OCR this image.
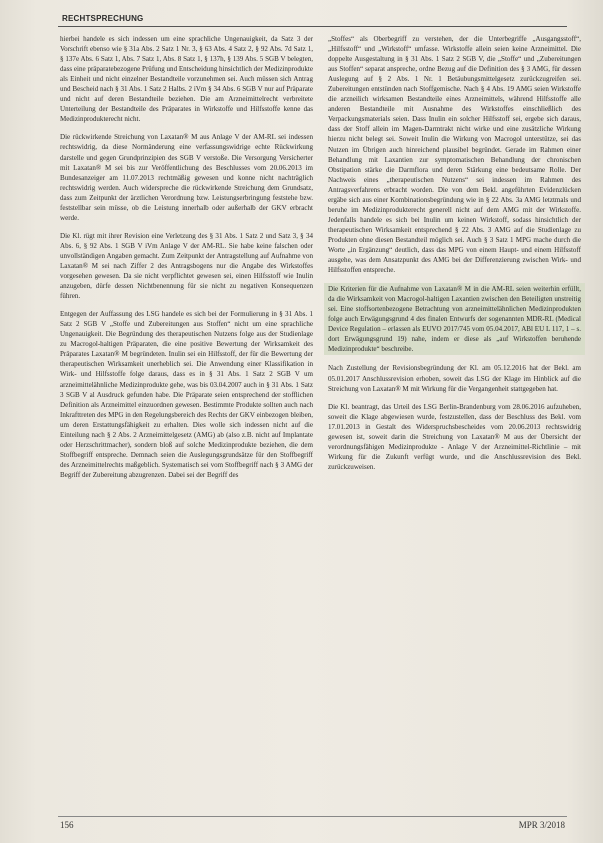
RECHTSPRECHUNG

hierbei handele es sich indessen um eine sprachliche Ungenauigkeit, da Satz 3 der Vorschrift ebenso wie § 31a Abs. 2 Satz 1 Nr. 3, § 63 Abs. 4 Satz 2, § 92 Abs. 7d Satz 1, § 137e Abs. 6 Satz 1, Abs. 7 Satz 1, Abs. 8 Satz 1, § 137h, § 139 Abs. 5 SGB V belegten, dass eine präparatebezogene Prüfung und Entscheidung hinsichtlich der Medizinprodukte als Einheit und nicht einzelner Bestandteile vorzunehmen sei. Auch müssen sich Antrag und Bescheid nach § 31 Abs. 1 Satz 2 Halbs. 2 iVm § 34 Abs. 6 SGB V nur auf Präparate und nicht auf deren Bestandteile beziehen. Die am Arzneimittelrecht verbreitete Unterteilung der Bestandteile des Präparates in Wirkstoffe und Hilfsstoffe kenne das Medizinprodukterecht nicht.

Die rückwirkende Streichung von Laxatan® M aus Anlage V der AM-RL sei indessen rechtswidrig, da diese Normänderung eine verfassungswidrige echte Rückwirkung darstelle und gegen Grundprinzipien des SGB V verstoße. Die Versorgung Versicherter mit Laxatan® M sei bis zur Veröffentlichung des Beschlusses vom 20.06.2013 im Bundesanzeiger am 11.07.2013 rechtmäßig gewesen und konne nicht nachträglich rechtswidrig werden. Auch widerspreche die rückwirkende Streichung dem Grundsatz, dass zum Zeitpunkt der ärztlichen Verordnung bzw. Leistungserbringung feststehe bzw. feststellbar sein müsse, ob die Leistung innerhalb oder außerhalb der GKV erbracht werde.

Die Kl. rügt mit ihrer Revision eine Verletzung des § 31 Abs. 1 Satz 2 und Satz 3, § 34 Abs. 6, § 92 Abs. 1 SGB V iVm Anlage V der AM-RL. Sie habe keine falschen oder unvollständigen Angaben gemacht. Zum Zeitpunkt der Antragstellung auf Aufnahme von Laxatan® M sei nach Ziffer 2 des Antragsbogens nur die Angabe des Wirkstoffes vorgesehen gewesen. Da sie nicht verpflichtet gewesen sei, einen Hilfsstoff wie Inulin anzugeben, dürfe dessen Nichtbenennung für sie nicht zu negativen Konsequenzen führen.

Entgegen der Auffassung des LSG handele es sich bei der Formulierung in § 31 Abs. 1 Satz 2 SGB V „Stoffe und Zubereitungen aus Stoffen“ nicht um eine sprachliche Ungenauigkeit. Die Begründung des therapeutischen Nutzens folge aus der Studienlage zu Macrogol-haltigen Präparaten, die eine positive Bewertung der Wirksamkeit des Präparates Laxatan® M begründeten. Inulin sei ein Hilfsstoff, der für die Bewertung der therapeutischen Wirksamkeit unerheblich sei. Die Anwendung einer Klassifikation in Wirk- und Hilfsstoffe folge daraus, dass es in § 31 Abs. 1 Satz 2 SGB V um arzneimittelähnliche Medizinprodukte gehe, was bis 03.04.2007 auch in § 31 Abs. 1 Satz 3 SGB V al Ausdruck gefunden habe. Die Präparate seien entsprechend der stofflichen Definition als Arzneimittel einzuordnen gewesen. Bestimmte Produkte sollten auch nach Inkrafttreten des MPG in den Regelungsbereich des Rechts der GKV einbezogen bleiben, um deren Erstattungsfähigkeit zu erhalten. Dies wolle sich indessen nicht auf die Einteilung nach § 2 Abs. 2 Arzneimittelgesetz (AMG) ab (also z.B. nicht auf Implantate oder Herzschrittmacher), sondern bloß auf solche Medizinprodukte beziehen, die dem Stoffbegriff entspreche. Demnach seien die Auslegungsgrundsätze für den Stoffbegriff des Arzneimittelrechts maßgeblich. Systematisch sei vom Stoffbegriff nach § 3 AMG der Begriff der Zubereitung abzugrenzen. Dabei sei der Begriff des

„Stoffes“ als Oberbegriff zu verstehen, der die Unterbegriffe „Ausgangsstoff“, „Hilfsstoff“ und „Wirkstoff“ umfasse. Wirkstoffe allein seien keine Arzneimittel. Die doppelte Ausgestaltung in § 31 Abs. 1 Satz 2 SGB V, die „Stoffe“ und „Zubereitungen aus Stoffen“ separat anspreche, ordne Bezug auf die Definition des § 3 AMG, für dessen Auslegung auf § 2 Abs. 1 Nr. 1 Betäubungsmittelgesetz zurückzugreifen sei. Zubereitungen entstünden nach Stoffgemische. Nach § 4 Abs. 19 AMG seien Wirkstoffe die arzneilich wirksamen Bestandteile eines Arzneimittels, während Hilfsstoffe alle anderen Bestandteile mit Ausnahme des Wirkstoffes einschließlich des Verpackungsmaterials seien. Dass Inulin ein solcher Hilfsstoff sei, ergebe sich daraus, dass der Stoff allein im Magen-Darmtrakt nicht wirke und eine zusätzliche Wirkung hierzu nicht belegt sei. Soweit Inulin die Wirkung von Macrogol unterstütze, sei das Nutzen im Übrigen auch hinreichend plausibel begründet. Gerade im Rahmen einer Behandlung mit Laxantien zur symptomatischen Behandlung der chronischen Obstipation stärke die Darmflora und deren Stärkung eine bedeutsame Rolle. Der Nachweis eines „therapeutischen Nutzens“ sei indessen im Rahmen des Antragsverfahrens erbracht worden. Die von dem Bekl. angeführten Evidenzlücken ergäbe sich aus einer Kombinationsbegründung wie in § 22 Abs. 3a AMG letztmals und beruhe im Medizinprodukterecht generell nicht auf dem AMG mit der Wirkstoffe. Jedenfalls handele es sich bei Inulin um keinen Wirkstoff, sodass hinsichtlich der therapeutischen Wirksamkeit entsprechend § 22 Abs. 3 AMG auf die Studienlage zu Produkten ohne diesen Bestandteil möglich sei. Auch § 3 Satz 1 MPG mache durch die Worte „in Ergänzung“ deutlich, dass das MPG von einem Haupt- und einem Hilfsstoff ausgehe, was dem Ansatzpunkt des AMG bei der Differenzierung zwischen Wirk- und Hilfsstoffen entspreche.

Die Kriterien für die Aufnahme von Laxatan® M in die AM-RL seien weiterhin erfüllt, da die Wirksamkeit von Macrogol-haltigen Laxantien zwischen den Beteiligten unstreitig sei. Eine stoffsortenbezogene Betrachtung von arzneimittelähnlichen Medizinprodukten folge auch Erwägungsgrund 4 des finalen Entwurfs der sogenannten MDR-RL (Medical Device Regulation – erlassen als EUVO 2017/745 vom 05.04.2017, ABl EU L 117, 1 – s. dort Erwägungsgrund 19) nahe, indem er diese als „auf Wirkstoffen beruhende Medizinprodukte“ beschreibe.

Nach Zustellung der Revisionsbegründung der Kl. am 05.12.2016 hat der Bekl. am 05.01.2017 Anschlussrevision erhoben, soweit das LSG der Klage im Hinblick auf die Streichung von Laxatan® M mit Wirkung für die Vergangenheit stattgegeben hat.

Die Kl. beantragt, das Urteil des LSG Berlin-Brandenburg vom 28.06.2016 aufzuheben, soweit die Klage abgewiesen wurde, festzustellen, dass der Beschluss des Bekl. vom 17.01.2013 in Gestalt des Widerspruchsbescheides vom 20.06.2013 rechtswidrig gewesen ist, soweit darin die Streichung von Laxatan® M aus der Übersicht der verordnungsfähigen Medizinprodukte - Anlage V der Arzneimittel-Richtlinie – mit Wirkung für die Zukunft verfügt wurde, und die Anschlussrevision des Bekl. zurückzuweisen.

156	MPR 3/2018
